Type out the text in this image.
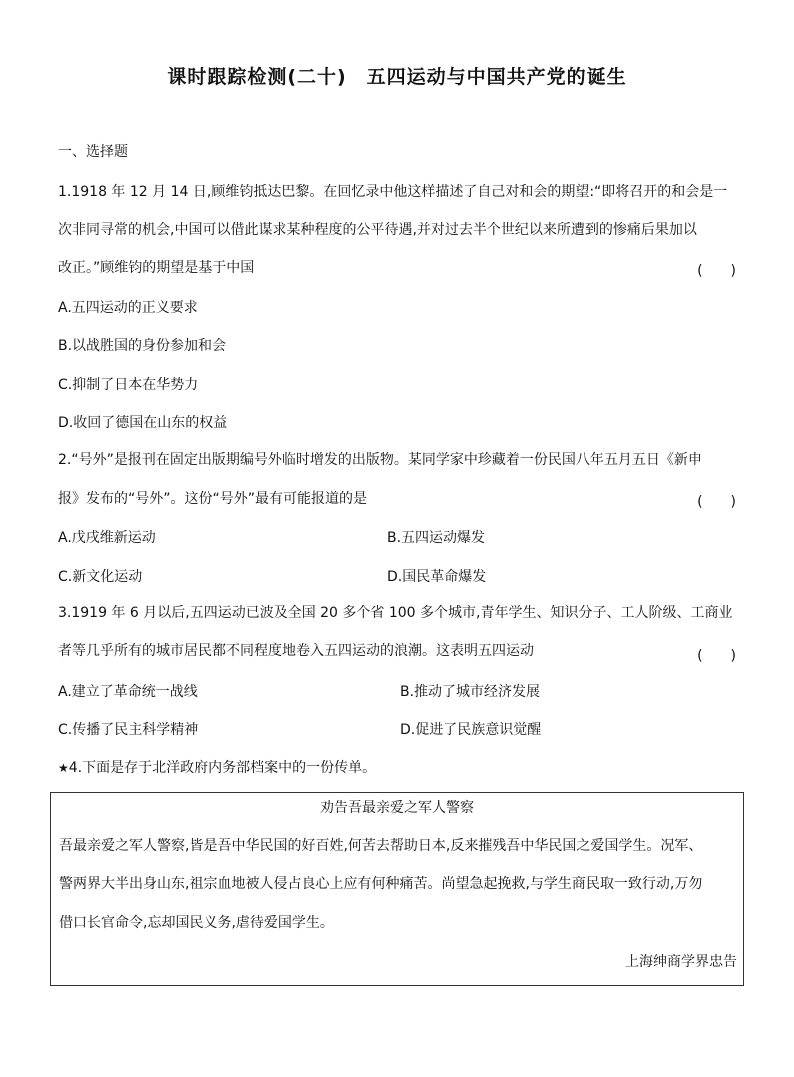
课时跟踪检测(二十)　五四运动与中国共产党的诞生
一、选择题
1.1918 年 12 月 14 日,顾维钧抵达巴黎。在回忆录中他这样描述了自己对和会的期望:“即将召开的和会是一
次非同寻常的机会,中国可以借此谋求某种程度的公平待遇,并对过去半个世纪以来所遭到的惨痛后果加以
改正。”顾维钧的期望是基于中国	(　　)
A.五四运动的正义要求
B.以战胜国的身份参加和会
C.抑制了日本在华势力
D.收回了德国在山东的权益
2.“号外”是报刊在固定出版期编号外临时增发的出版物。某同学家中珍藏着一份民国八年五月五日《新申
报》发布的“号外”。这份“号外”最有可能报道的是	(　　)
A.戊戌维新运动	B.五四运动爆发
C.新文化运动	D.国民革命爆发
3.1919 年 6 月以后,五四运动已波及全国 20 多个省 100 多个城市,青年学生、知识分子、工人阶级、工商业
者等几乎所有的城市居民都不同程度地卷入五四运动的浪潮。这表明五四运动	(　　)
A.建立了革命统一战线	B.推动了城市经济发展
C.传播了民主科学精神	D.促进了民族意识觉醒
★4.下面是存于北洋政府内务部档案中的一份传单。
劝告吾最亲爱之军人警察
吾最亲爱之军人警察,皆是吾中华民国的好百姓,何苦去帮助日本,反来摧残吾中华民国之爱国学生。况军、
警两界大半出身山东,祖宗血地被人侵占良心上应有何种痛苦。尚望急起挽救,与学生商民取一致行动,万勿
借口长官命令,忘却国民义务,虐待爱国学生。
上海绅商学界忠告
